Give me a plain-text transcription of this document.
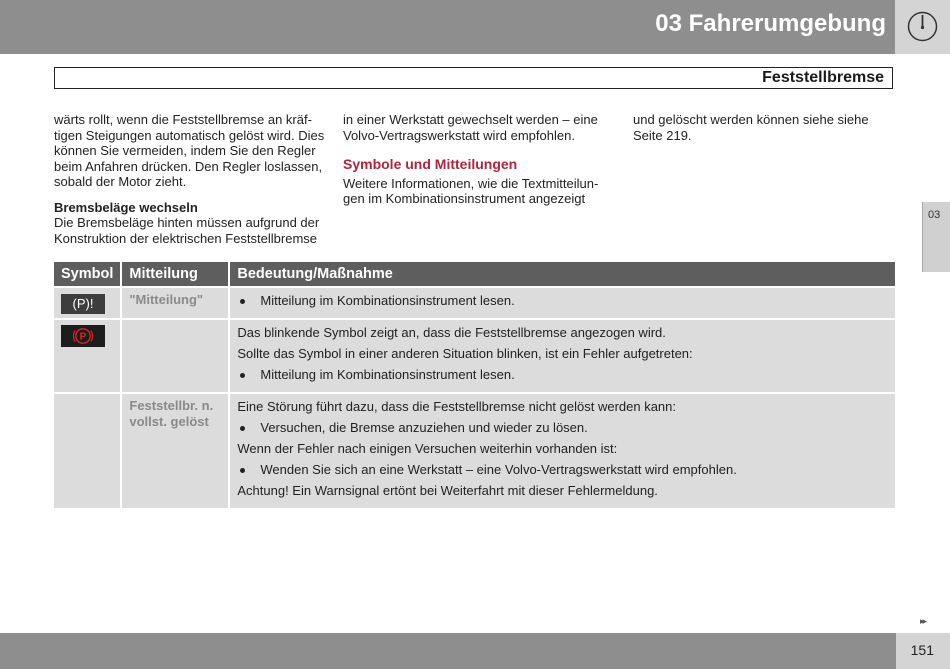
03 Fahrerumgebung
Feststellbremse

wärts rollt, wenn die Feststellbremse an kräf-tigen Steigungen automatisch gelöst wird. Dies können Sie vermeiden, indem Sie den Regler beim Anfahren drücken. Den Regler loslassen, sobald der Motor zieht.

Bremsbeläge wechseln

Die Bremsbeläge hinten müssen aufgrund der Konstruktion der elektrischen Feststellbremse

in einer Werkstatt gewechselt werden – eine Volvo-Vertragswerkstatt wird empfohlen.

Symbole und Mitteilungen

Weitere Informationen, wie die Textmitteilun-gen im Kombinationsinstrument angezeigt

und gelöscht werden können siehe siehe Seite 219.

03
Symbol	Mitteilung	Bedeutung/Maßnahme
(P)!	"Mitteilung"	Mitteilung im Kombinationsinstrument lesen.

P		Das blinkende Symbol zeigt an, dass die Feststellbremse angezogen wird.
Sollte das Symbol in einer anderen Situation blinken, ist ein Fehler aufgetreten:
Mitteilung im Kombinationsinstrument lesen.

	Feststellbr. n. vollst. gelöst	Eine Störung führt dazu, dass die Feststellbremse nicht gelöst werden kann:
Versuchen, die Bremse anzuziehen und wieder zu lösen.
Wenn der Fehler nach einigen Versuchen weiterhin vorhanden ist:
Wenden Sie sich an eine Werkstatt – eine Volvo-Vertragswerkstatt wird empfohlen.
Achtung! Ein Warnsignal ertönt bei Weiterfahrt mit dieser Fehlermeldung.
▸▸
151
